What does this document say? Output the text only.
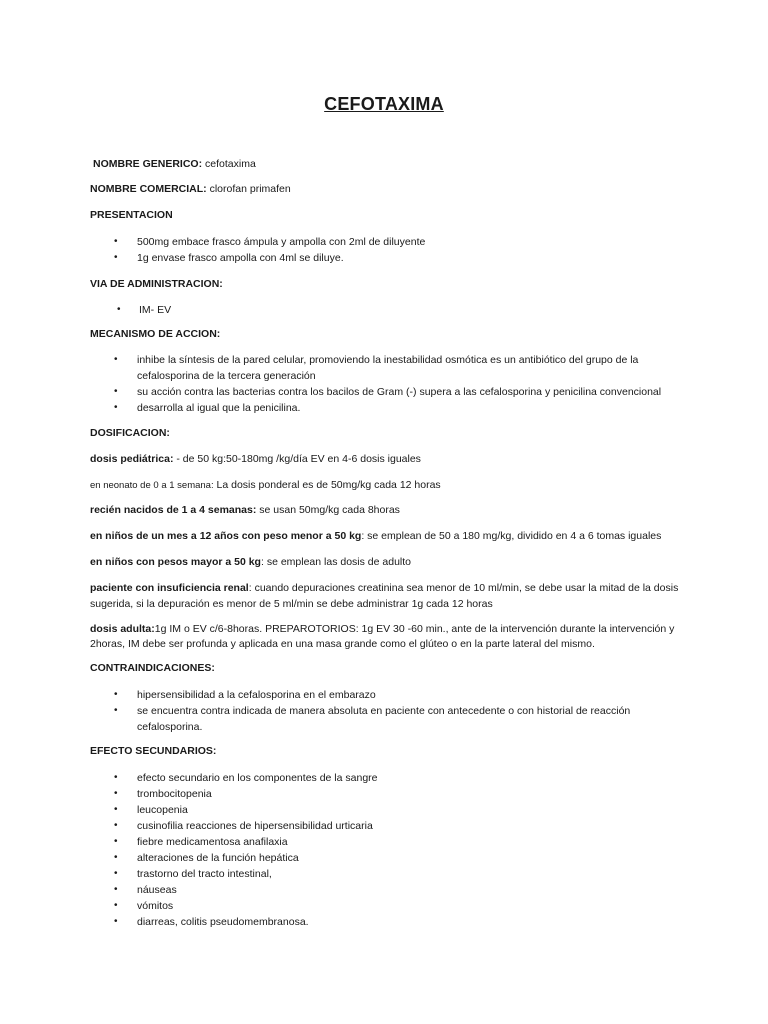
CEFOTAXIMA
NOMBRE GENERICO: cefotaxima
NOMBRE COMERCIAL: clorofan primafen
PRESENTACION
• 500mg embace frasco ámpula y ampolla con 2ml de diluyente
• 1g envase frasco ampolla con 4ml se diluye.
VIA DE ADMINISTRACION:
• IM- EV
MECANISMO DE ACCION:
• inhibe la síntesis de la pared celular, promoviendo la inestabilidad osmótica es un antibiótico del grupo de la
cefalosporina de la tercera generación
• su acción contra las bacterias contra los bacilos de Gram (-) supera a las cefalosporina y penicilina convencional
• desarrolla al igual que la penicilina.
DOSIFICACION:
dosis pediátrica: - de 50 kg:50-180mg /kg/día EV en 4-6 dosis iguales
en neonato de 0 a 1 semana: La dosis ponderal es de 50mg/kg cada 12 horas
recién nacidos de 1 a 4 semanas: se usan 50mg/kg cada 8horas
en niños de un mes a 12 años con peso menor a 50 kg: se emplean de 50 a 180 mg/kg, dividido en 4 a 6 tomas iguales
en niños con pesos mayor a 50 kg: se emplean las dosis de adulto
paciente con insuficiencia renal: cuando depuraciones creatinina sea menor de 10 ml/min, se debe usar la mitad de la dosis
sugerida, si la depuración es menor de 5 ml/min se debe administrar 1g cada 12 horas
dosis adulta:1g IM o EV c/6-8horas. PREPAROTORIOS: 1g EV 30 -60 min., ante de la intervención durante la intervención y
2horas, IM debe ser profunda y aplicada en una masa grande como el glúteo o en la parte lateral del mismo.
CONTRAINDICACIONES:
• hipersensibilidad a la cefalosporina en el embarazo
• se encuentra contra indicada de manera absoluta en paciente con antecedente o con historial de reacción
cefalosporina.
EFECTO SECUNDARIOS:
• efecto secundario en los componentes de la sangre
• trombocitopenia
• leucopenia
• cusinofilia reacciones de hipersensibilidad urticaria
• fiebre medicamentosa anafilaxia
• alteraciones de la función hepática
• trastorno del tracto intestinal,
• náuseas
• vómitos
• diarreas, colitis pseudomembranosa.
